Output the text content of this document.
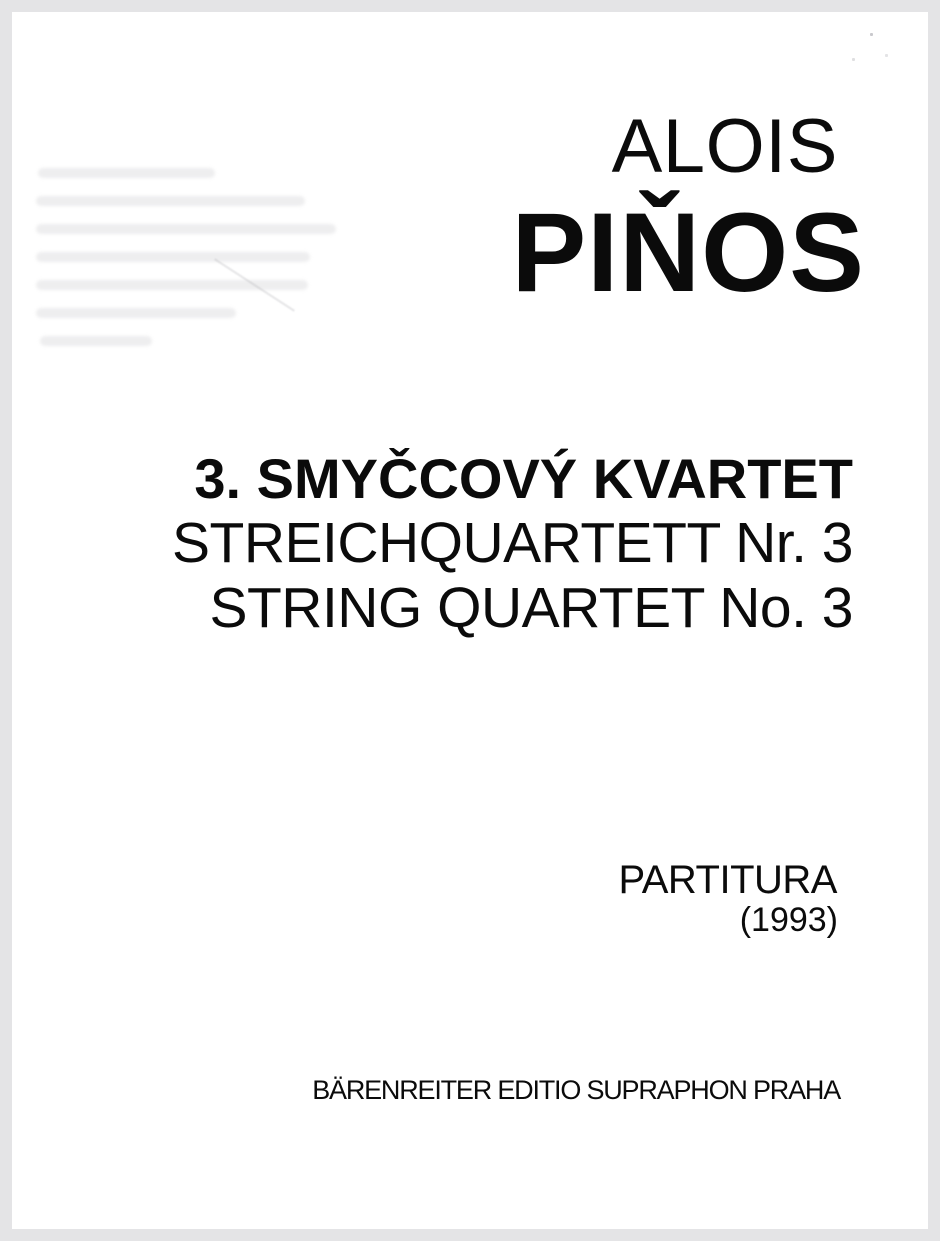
ALOIS
PIŇOS
3. SMYČCOVÝ KVARTET
STREICHQUARTETT Nr. 3
STRING QUARTET No. 3
PARTITURA
(1993)
BÄRENREITER EDITIO SUPRAPHON PRAHA
